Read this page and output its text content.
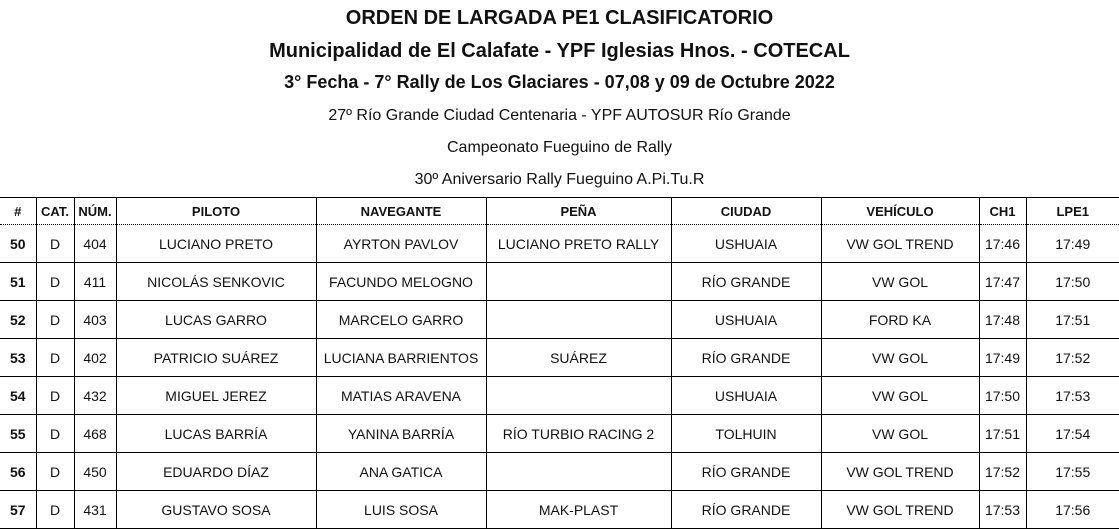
ORDEN DE LARGADA PE1 CLASIFICATORIO
Municipalidad de El Calafate - YPF Iglesias Hnos. - COTECAL
3° Fecha - 7° Rally de Los Glaciares - 07,08 y 09 de Octubre 2022
27º Río Grande Ciudad Centenaria - YPF AUTOSUR Río Grande
Campeonato Fueguino de Rally
30º Aniversario Rally Fueguino A.Pi.Tu.R
#	CAT.	NÚM.	PILOTO	NAVEGANTE	PEÑA	CIUDAD	VEHÍCULO	CH1	LPE1
50	D	404	LUCIANO PRETO	AYRTON PAVLOV	LUCIANO PRETO RALLY	USHUAIA	VW GOL TREND	17:46	17:49
51	D	411	NICOLÁS SENKOVIC	FACUNDO MELOGNO		RÍO GRANDE	VW GOL	17:47	17:50
52	D	403	LUCAS GARRO	MARCELO GARRO		USHUAIA	FORD KA	17:48	17:51
53	D	402	PATRICIO SUÁREZ	LUCIANA BARRIENTOS	SUÁREZ	RÍO GRANDE	VW GOL	17:49	17:52
54	D	432	MIGUEL JEREZ	MATIAS ARAVENA		USHUAIA	VW GOL	17:50	17:53
55	D	468	LUCAS BARRÍA	YANINA BARRÍA	RÍO TURBIO RACING 2	TOLHUIN	VW GOL	17:51	17:54
56	D	450	EDUARDO DÍAZ	ANA GATICA		RÍO GRANDE	VW GOL TREND	17:52	17:55
57	D	431	GUSTAVO SOSA	LUIS SOSA	MAK-PLAST	RÍO GRANDE	VW GOL TREND	17:53	17:56
